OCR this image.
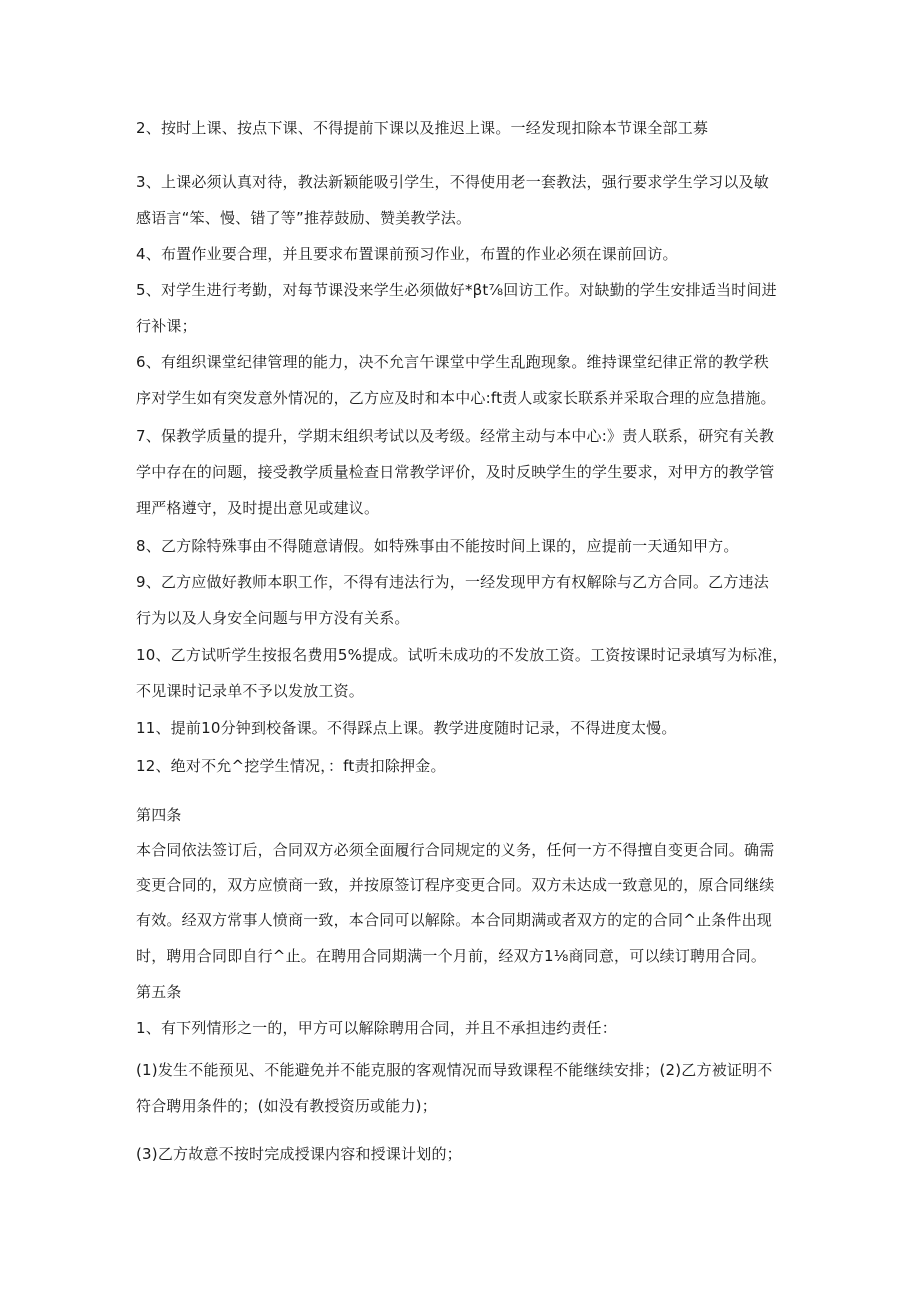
2、按时上课、按点下课、不得提前下课以及推迟上课。一经发现扣除本节课全部工募
3、上课必须认真对待，教法新颖能吸引学生，不得使用老一套教法，强行要求学生学习以及敏
感语言“笨、慢、错了等”推荐鼓励、赞美教学法。
4、布置作业要合理，并且要求布置课前预习作业，布置的作业必须在课前回访。
5、对学生进行考勤，对每节课没来学生必须做好*βt⅞回访工作。对缺勤的学生安排适当时间进
行补课；
6、有组织课堂纪律管理的能力，决不允言午课堂中学生乱跑现象。维持课堂纪律正常的教学秩
序对学生如有突发意外情况的，乙方应及时和本中心:ft责人或家长联系并采取合理的应急措施。
7、保教学质量的提升，学期末组织考试以及考级。经常主动与本中心:》责人联系，研究有关教
学中存在的问题，接受教学质量检查日常教学评价，及时反映学生的学生要求，对甲方的教学管
理严格遵守，及时提出意见或建议。
8、乙方除特殊事由不得随意请假。如特殊事由不能按时间上课的，应提前一天通知甲方。
9、乙方应做好教师本职工作，不得有违法行为，一经发现甲方有权解除与乙方合同。乙方违法
行为以及人身安全问题与甲方没有关系。
10、乙方试听学生按报名费用5%提成。试听未成功的不发放工资。工资按课时记录填写为标准，
不见课时记录单不予以发放工资。
11、提前10分钟到校备课。不得踩点上课。教学进度随时记录，不得进度太慢。
12、绝对不允^挖学生情况，：ft责扣除押金。
第四条
本合同依法签订后，合同双方必须全面履行合同规定的义务，任何一方不得擅自变更合同。确需
变更合同的，双方应愤商一致，并按原签订程序变更合同。双方未达成一致意见的，原合同继续
有效。经双方常事人愤商一致，本合同可以解除。本合同期满或者双方的定的合同^止条件出现
时，聘用合同即自行^止。在聘用合同期满一个月前，经双方1⅛商同意，可以续订聘用合同。
第五条
1、有下列情形之一的，甲方可以解除聘用合同，并且不承担违约责任：
(1)发生不能预见、不能避免并不能克服的客观情况而导致课程不能继续安排；(2)乙方被证明不
符合聘用条件的；(如没有教授资历或能力)；
(3)乙方故意不按时完成授课内容和授课计划的；
